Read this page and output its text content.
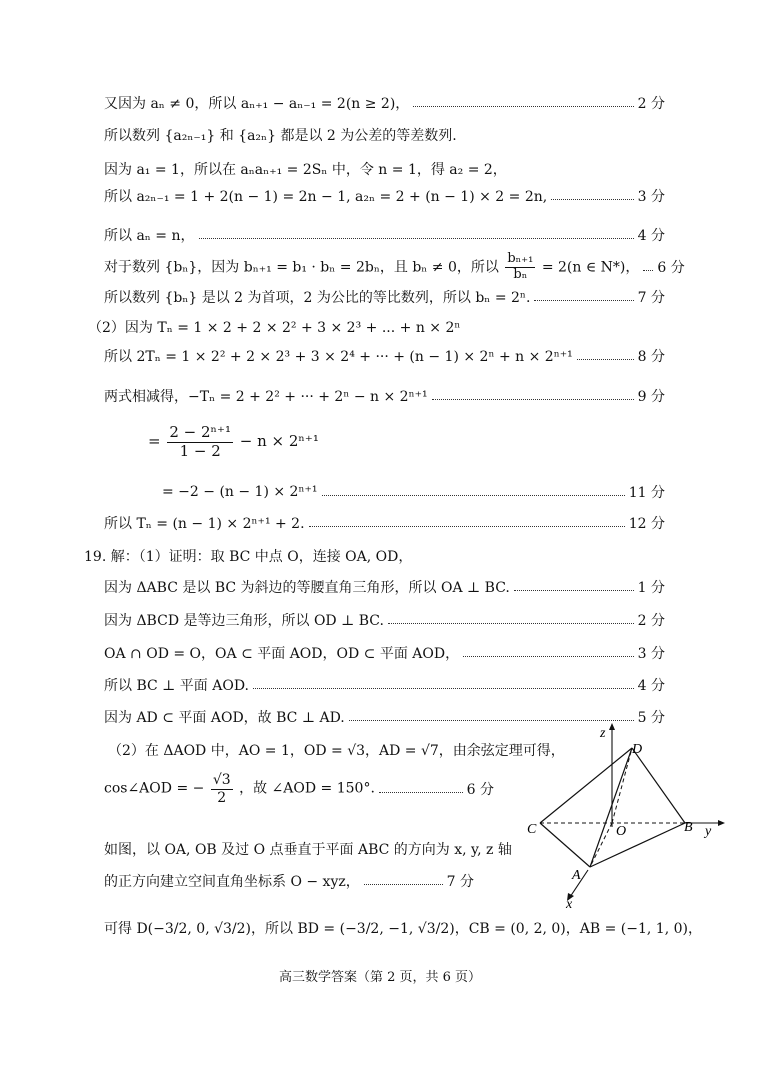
又因为 aₙ ≠ 0，所以 aₙ₊₁ − aₙ₋₁ = 2(n ≥ 2)，	2 分
所以数列 {a₂ₙ₋₁} 和 {a₂ₙ} 都是以 2 为公差的等差数列.
因为 a₁ = 1，所以在 aₙaₙ₊₁ = 2Sₙ 中，令 n = 1，得 a₂ = 2，
所以 a₂ₙ₋₁ = 1 + 2(n − 1) = 2n − 1, a₂ₙ = 2 + (n − 1) × 2 = 2n,	3 分
所以 aₙ = n，	4 分
对于数列 {bₙ}，因为 bₙ₊₁ = b₁ · bₙ = 2bₙ，且 bₙ ≠ 0，所以 $\frac{\text{bₙ₊₁}}{\text{bₙ}} = 2(n$ ∈ N*)， 6 分
所以数列 {bₙ} 是以 2 为首项，2 为公比的等比数列，所以 bₙ = 2ⁿ.	7 分
（2）因为 Tₙ = 1 × 2 + 2 × 2² + 3 × 2³ + ... + n × 2ⁿ
所以 2Tₙ = 1 × 2² + 2 × 2³ + 3 × 2⁴ + ··· + (n − 1) × 2ⁿ + n × 2ⁿ⁺¹	8 分
两式相减得，−Tₙ = 2 + 2² + ··· + 2ⁿ − n × 2ⁿ⁺¹	9 分
= $\frac{\text{2 − 2ⁿ⁺¹}}{1 - 2} - n \times 2^{n+1}$
= −2 − (n − 1) × 2ⁿ⁺¹	11 分
所以 Tₙ = (n − 1) × 2ⁿ⁺¹ + 2.	12 分
19. 解：（1）证明：取 BC 中点 O，连接 OA, OD，
因为 ΔABC 是以 BC 为斜边的等腰直角三角形，所以 OA ⊥ BC.	1 分
因为 ΔBCD 是等边三角形，所以 OD ⊥ BC.	2 分
OA ∩ OD = O，OA ⊂ 平面 AOD，OD ⊂ 平面 AOD，	3 分
所以 BC ⊥ 平面 AOD.	4 分
因为 AD ⊂ 平面 AOD，故 BC ⊥ AD.	5 分
（2）在 ΔAOD 中，AO = 1，OD = √3，AD = √7，由余弦定理可得，
cos∠AOD = − $\frac{√3}{2}$ ，故 ∠AOD = 150°.	6 分
如图，以 OA, OB 及过 O 点垂直于平面 ABC 的方向为 x, y, z 轴
的正方向建立空间直角坐标系 O − xyz，	7 分
可得 D(−3/2, 0, √3/2)，所以 BD = (−3/2, −1, √3/2)，CB = (0, 2, 0)，AB = (−1, 1, 0)，
z
D
C	O	B y
A
x
高三数学答案（第 2 页，共 6 页）
